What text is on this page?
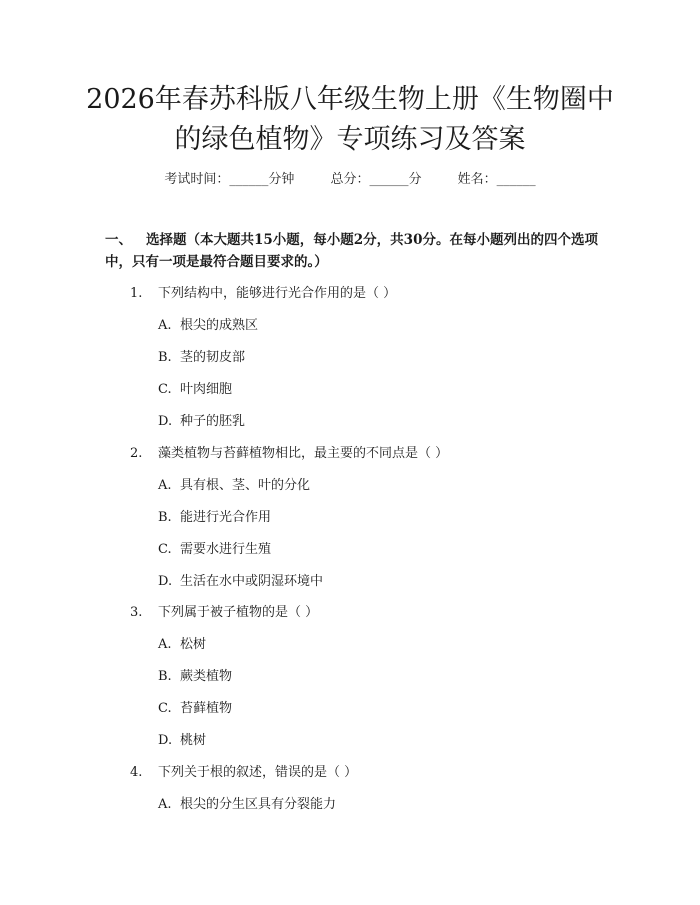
2026年春苏科版八年级生物上册《生物圈中
的绿色植物》专项练习及答案
考试时间：______分钟	总分：______分	姓名：______

一、 选择题（本大题共15小题，每小题2分，共30分。在每小题列出的四个选项中，只有一项是最符合题目要求的。）

1. 下列结构中，能够进行光合作用的是（ ）
A. 根尖的成熟区
B. 茎的韧皮部
C. 叶肉细胞
D. 种子的胚乳
2. 藻类植物与苔藓植物相比，最主要的不同点是（ ）
A. 具有根、茎、叶的分化
B. 能进行光合作用
C. 需要水进行生殖
D. 生活在水中或阴湿环境中
3. 下列属于被子植物的是（ ）
A. 松树
B. 蕨类植物
C. 苔藓植物
D. 桃树
4. 下列关于根的叙述，错误的是（ ）
A. 根尖的分生区具有分裂能力
